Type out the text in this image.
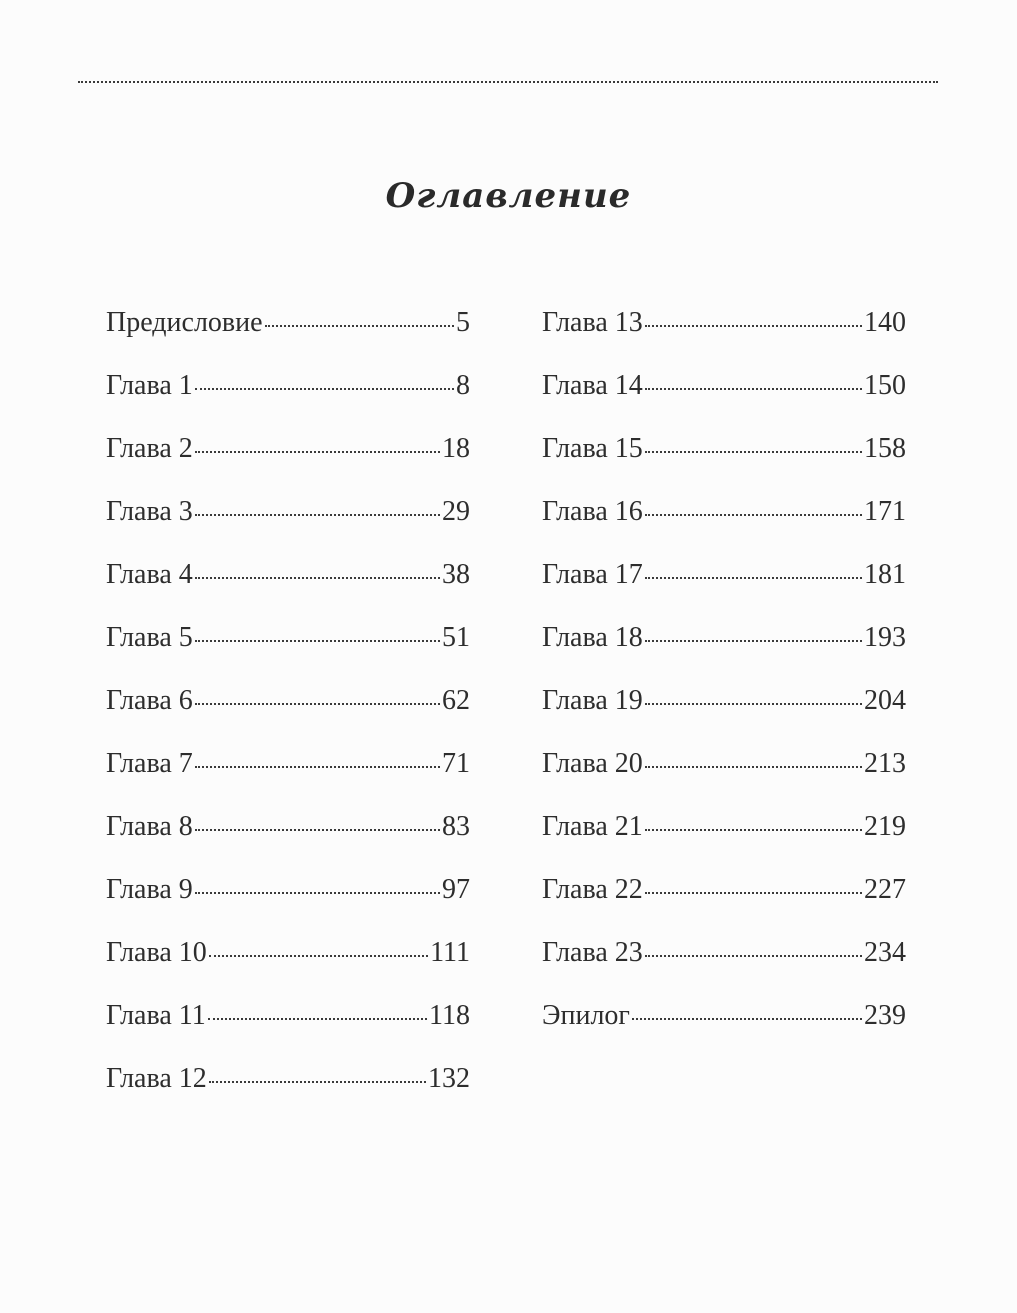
Оглавление
Предисловие	5
Глава 1	8
Глава 2	18
Глава 3	29
Глава 4	38
Глава 5	51
Глава 6	62
Глава 7	71
Глава 8	83
Глава 9	97
Глава 10	111
Глава 11	118
Глава 12	132
Глава 13	140
Глава 14	150
Глава 15	158
Глава 16	171
Глава 17	181
Глава 18	193
Глава 19	204
Глава 20	213
Глава 21	219
Глава 22	227
Глава 23	234
Эпилог	239
